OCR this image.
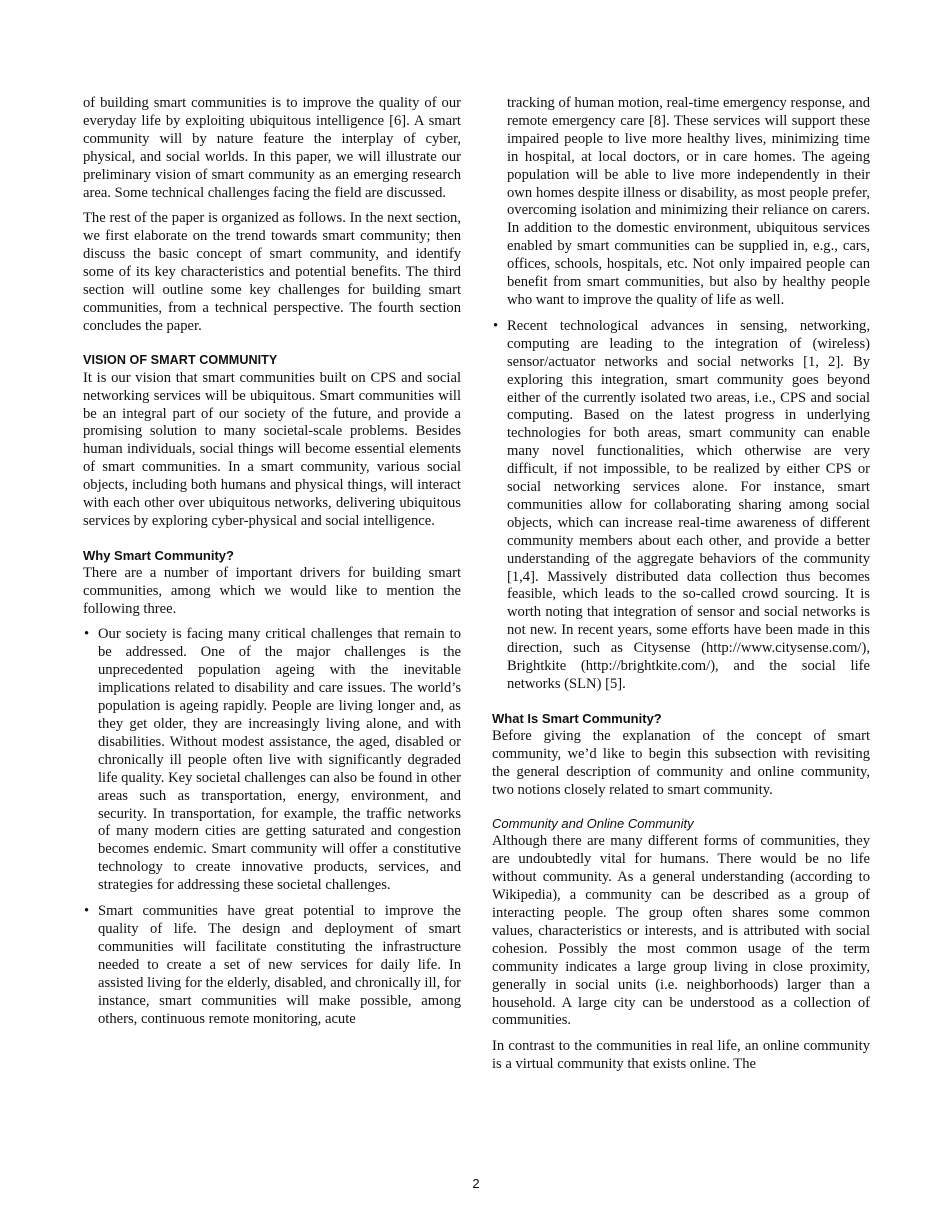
of building smart communities is to improve the quality of our everyday life by exploiting ubiquitous intelligence [6]. A smart community will by nature feature the interplay of cyber, physical, and social worlds. In this paper, we will illustrate our preliminary vision of smart community as an emerging research area. Some technical challenges facing the field are discussed.

The rest of the paper is organized as follows. In the next section, we first elaborate on the trend towards smart community; then discuss the basic concept of smart community, and identify some of its key characteristics and potential benefits. The third section will outline some key challenges for building smart communities, from a technical perspective. The fourth section concludes the paper.

VISION OF SMART COMMUNITY

It is our vision that smart communities built on CPS and social networking services will be ubiquitous. Smart communities will be an integral part of our society of the future, and provide a promising solution to many societal-scale problems. Besides human individuals, social things will become essential elements of smart communities. In a smart community, various social objects, including both humans and physical things, will interact with each other over ubiquitous networks, delivering ubiquitous services by exploring cyber-physical and social intelligence.

Why Smart Community?

There are a number of important drivers for building smart communities, among which we would like to mention the following three.

• Our society is facing many critical challenges that remain to be addressed. One of the major challenges is the unprecedented population ageing with the inevitable implications related to disability and care issues. The world’s population is ageing rapidly. People are living longer and, as they get older, they are increasingly living alone, and with disabilities. Without modest assistance, the aged, disabled or chronically ill people often live with significantly degraded life quality. Key societal challenges can also be found in other areas such as transportation, energy, environment, and security. In transportation, for example, the traffic networks of many modern cities are getting saturated and congestion becomes endemic. Smart community will offer a constitutive technology to create innovative products, services, and strategies for addressing these societal challenges.
• Smart communities have great potential to improve the quality of life. The design and deployment of smart communities will facilitate constituting the infrastructure needed to create a set of new services for daily life. In assisted living for the elderly, disabled, and chronically ill, for instance, smart communities will make possible, among others, continuous remote monitoring, acute
tracking of human motion, real-time emergency response, and remote emergency care [8]. These services will support these impaired people to live more healthy lives, minimizing time in hospital, at local doctors, or in care homes. The ageing population will be able to live more independently in their own homes despite illness or disability, as most people prefer, overcoming isolation and minimizing their reliance on carers. In addition to the domestic environment, ubiquitous services enabled by smart communities can be supplied in, e.g., cars, offices, schools, hospitals, etc. Not only impaired people can benefit from smart communities, but also by healthy people who want to improve the quality of life as well.
• Recent technological advances in sensing, networking, computing are leading to the integration of (wireless) sensor/actuator networks and social networks [1, 2]. By exploring this integration, smart community goes beyond either of the currently isolated two areas, i.e., CPS and social computing. Based on the latest progress in underlying technologies for both areas, smart community can enable many novel functionalities, which otherwise are very difficult, if not impossible, to be realized by either CPS or social networking services alone. For instance, smart communities allow for collaborating sharing among social objects, which can increase real-time awareness of different community members about each other, and provide a better understanding of the aggregate behaviors of the community [1,4]. Massively distributed data collection thus becomes feasible, which leads to the so-called crowd sourcing. It is worth noting that integration of sensor and social networks is not new. In recent years, some efforts have been made in this direction, such as Citysense (http://www.citysense.com/), Brightkite (http://brightkite.com/), and the social life networks (SLN) [5].
What Is Smart Community?

Before giving the explanation of the concept of smart community, we’d like to begin this subsection with revisiting the general description of community and online community, two notions closely related to smart community.

Community and Online Community

Although there are many different forms of communities, they are undoubtedly vital for humans. There would be no life without community. As a general understanding (according to Wikipedia), a community can be described as a group of interacting people. The group often shares some common values, characteristics or interests, and is attributed with social cohesion. Possibly the most common usage of the term community indicates a large group living in close proximity, generally in social units (i.e. neighborhoods) larger than a household. A large city can be understood as a collection of communities.

In contrast to the communities in real life, an online community is a virtual community that exists online. The

2
